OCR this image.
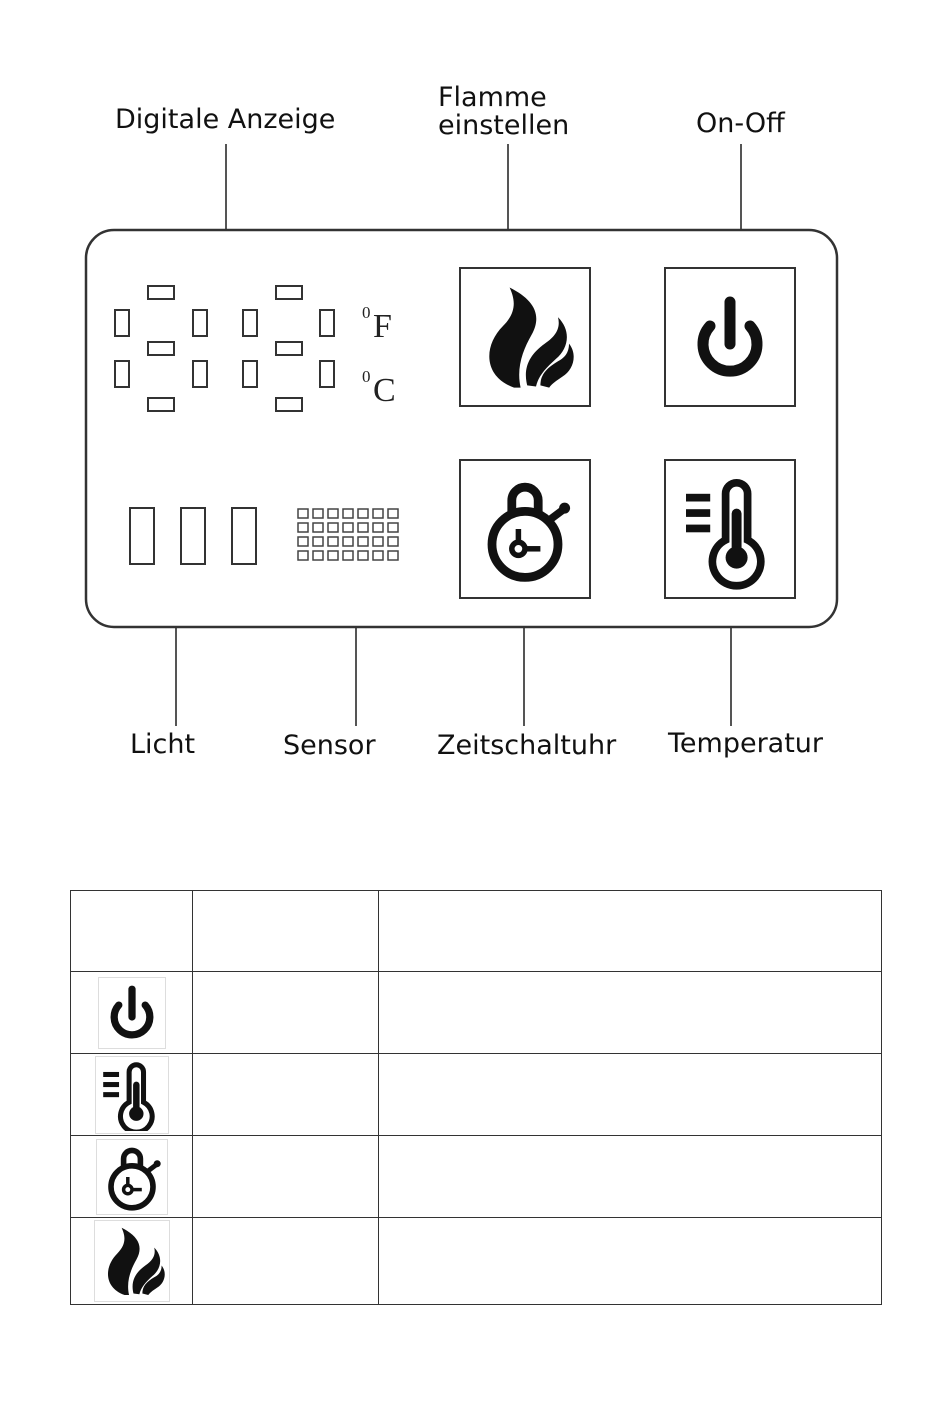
0 F
0 C
Digitale Anzeige
Flamme
einstellen	On-Off
Licht	Sensor Zeitschaltuhr Temperatur
